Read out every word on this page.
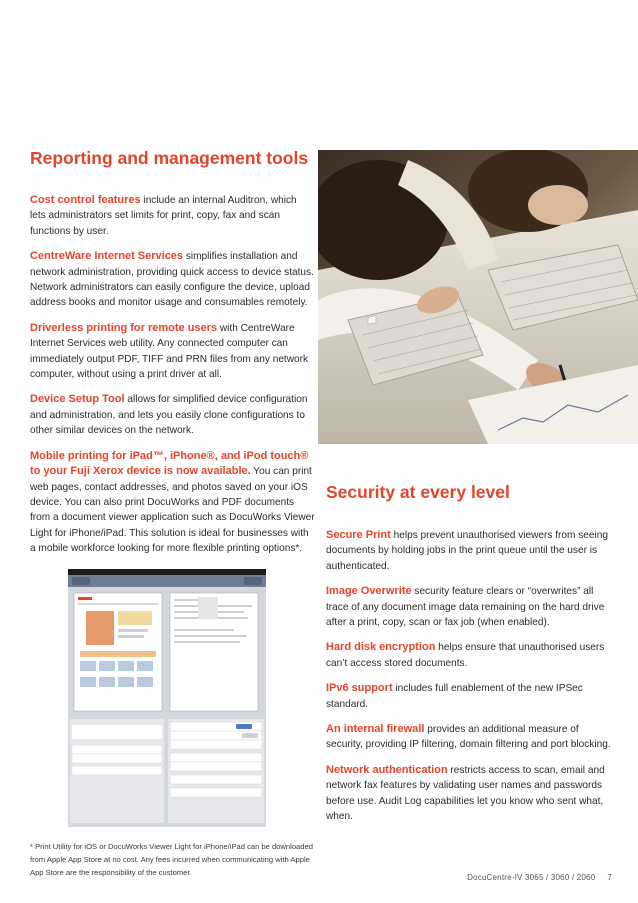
Reporting and management tools

Cost control features include an internal Auditron, which lets administrators set limits for print, copy, fax and scan functions by user.

CentreWare Internet Services simplifies installation and network administration, providing quick access to device status. Network administrators can easily configure the device, upload address books and monitor usage and consumables remotely.

Driverless printing for remote users with CentreWare Internet Services web utility. Any connected computer can immediately output PDF, TIFF and PRN files from any network computer, without using a print driver at all.

Device Setup Tool allows for simplified device configuration and administration, and lets you easily clone configurations to other similar devices on the network.

Mobile printing for iPad™, iPhone®, and iPod touch® to your Fuji Xerox device is now available. You can print web pages, contact addresses, and photos saved on your iOS device. You can also print DocuWorks and PDF documents from a document viewer application such as DocuWorks Viewer Light for iPhone/iPad. This solution is ideal for businesses with a mobile workforce looking for more flexible printing options*.

* Print Utility for iOS or DocuWorks Viewer Light for iPhone/iPad can be downloaded from Apple App Store at no cost. Any fees incurred when communicating with Apple App Store are the responsibility of the customer.

Security at every level

Secure Print helps prevent unauthorised viewers from seeing documents by holding jobs in the print queue until the user is authenticated.

Image Overwrite security feature clears or “overwrites” all trace of any document image data remaining on the hard drive after a print, copy, scan or fax job (when enabled).

Hard disk encryption helps ensure that unauthorised users can’t access stored documents.

IPv6 support includes full enablement of the new IPSec standard.

An internal firewall provides an additional measure of security, providing IP filtering, domain filtering and port blocking.

Network authentication restricts access to scan, email and network fax features by validating user names and passwords before use. Audit Log capabilities let you know who sent what, when.

DocuCentre-IV 3065 / 3060 / 2060 7
